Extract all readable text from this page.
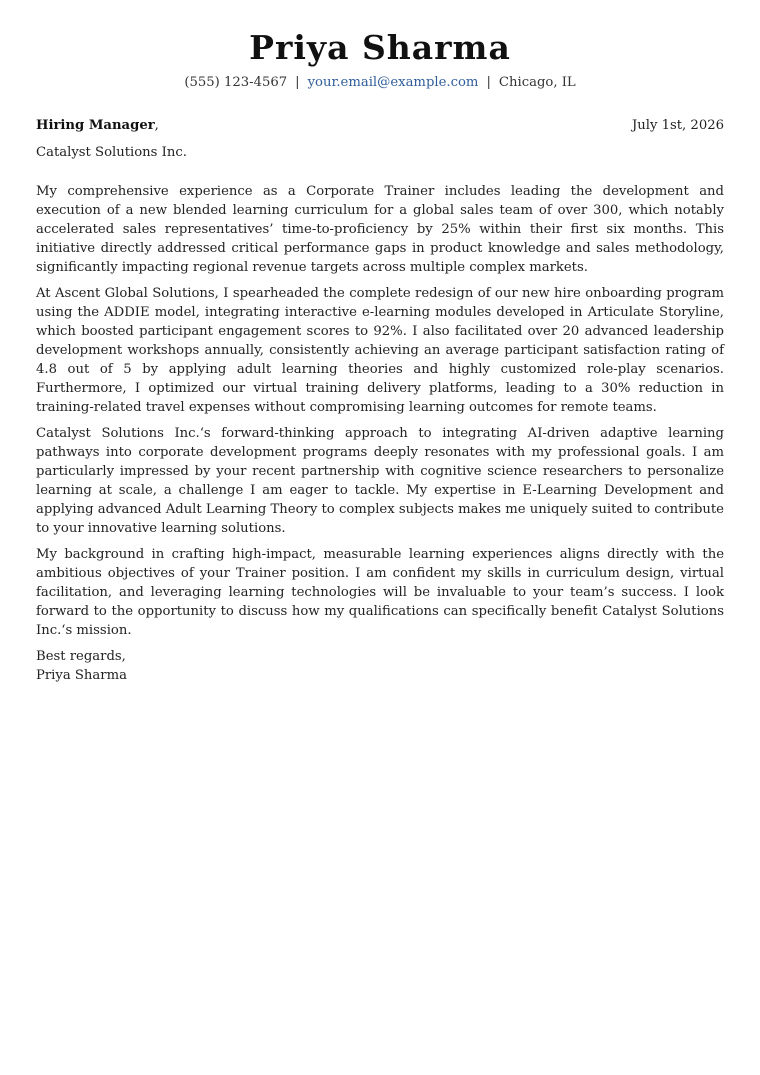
Priya Sharma
(555) 123-4567 | your.email@example.com | Chicago, IL
Hiring Manager,	July 1st, 2026
Catalyst Solutions Inc.

My comprehensive experience as a Corporate Trainer includes leading the development and execution of a new blended learning curriculum for a global sales team of over 300, which notably accelerated sales representatives’ time-to-proficiency by 25% within their first six months. This initiative directly addressed critical performance gaps in product knowledge and sales methodology, significantly impacting regional revenue targets across multiple complex markets.

At Ascent Global Solutions, I spearheaded the complete redesign of our new hire onboarding program using the ADDIE model, integrating interactive e-learning modules developed in Articulate Storyline, which boosted participant engagement scores to 92%. I also facilitated over 20 advanced leadership development workshops annually, consistently achieving an average participant satisfaction rating of 4.8 out of 5 by applying adult learning theories and highly customized role-play scenarios. Furthermore, I optimized our virtual training delivery platforms, leading to a 30% reduction in training-related travel expenses without compromising learning outcomes for remote teams.

Catalyst Solutions Inc.‘s forward-thinking approach to integrating AI-driven adaptive learning pathways into corporate development programs deeply resonates with my professional goals. I am particularly impressed by your recent partnership with cognitive science researchers to personalize learning at scale, a challenge I am eager to tackle. My expertise in E-Learning Development and applying advanced Adult Learning Theory to complex subjects makes me uniquely suited to contribute to your innovative learning solutions.

My background in crafting high-impact, measurable learning experiences aligns directly with the ambitious objectives of your Trainer position. I am confident my skills in curriculum design, virtual facilitation, and leveraging learning technologies will be invaluable to your team’s success. I look forward to the opportunity to discuss how my qualifications can specifically benefit Catalyst Solutions Inc.‘s mission.

Best regards,
Priya Sharma
